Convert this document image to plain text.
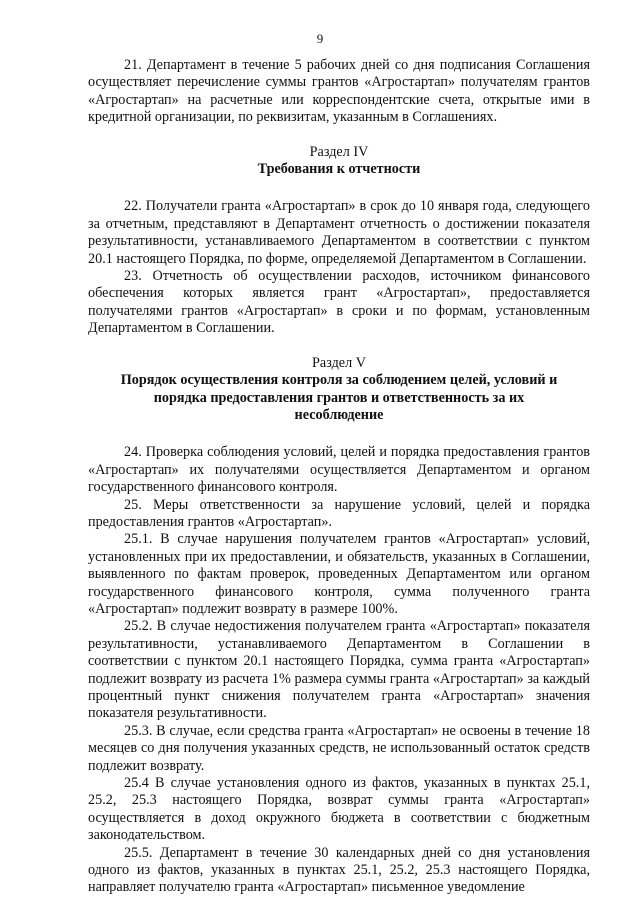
9

21. Департамент в течение 5 рабочих дней со дня подписания Соглашения осуществляет перечисление суммы грантов «Агростартап» получателям грантов «Агростартап» на расчетные или корреспондентские счета, открытые ими в кредитной организации, по реквизитам, указанным в Соглашениях.

Раздел IV

Требования к отчетности

22. Получатели гранта «Агростартап» в срок до 10 января года, следующего за отчетным, представляют в Департамент отчетность о достижении показателя результативности, устанавливаемого Департаментом в соответствии с пунктом 20.1 настоящего Порядка, по форме, определяемой Департаментом в Соглашении.

23. Отчетность об осуществлении расходов, источником финансового обеспечения которых является грант «Агростартап», предоставляется получателями грантов «Агростартап» в сроки и по формам, установленным Департаментом в Соглашении.

Раздел V

Порядок осуществления контроля за соблюдением целей, условий и порядка предоставления грантов и ответственность за их несоблюдение

24. Проверка соблюдения условий, целей и порядка предоставления грантов «Агростартап» их получателями осуществляется Департаментом и органом государственного финансового контроля.

25. Меры ответственности за нарушение условий, целей и порядка предоставления грантов «Агростартап».

25.1. В случае нарушения получателем грантов «Агростартап» условий, установленных при их предоставлении, и обязательств, указанных в Соглашении, выявленного по фактам проверок, проведенных Департаментом или органом государственного финансового контроля, сумма полученного гранта «Агростартап» подлежит возврату в размере 100%.

25.2. В случае недостижения получателем гранта «Агростартап» показателя результативности, устанавливаемого Департаментом в Соглашении в соответствии с пунктом 20.1 настоящего Порядка, сумма гранта «Агростартап» подлежит возврату из расчета 1% размера суммы гранта «Агростартап» за каждый процентный пункт снижения получателем гранта «Агростартап» значения показателя результативности.

25.3. В случае, если средства гранта «Агростартап» не освоены в течение 18 месяцев со дня получения указанных средств, не использованный остаток средств подлежит возврату.

25.4 В случае установления одного из фактов, указанных в пунктах 25.1, 25.2, 25.3 настоящего Порядка, возврат суммы гранта «Агростартап» осуществляется в доход окружного бюджета в соответствии с бюджетным законодательством.

25.5. Департамент в течение 30 календарных дней со дня установления одного из фактов, указанных в пунктах 25.1, 25.2, 25.3 настоящего Порядка, направляет получателю гранта «Агростартап» письменное уведомление
